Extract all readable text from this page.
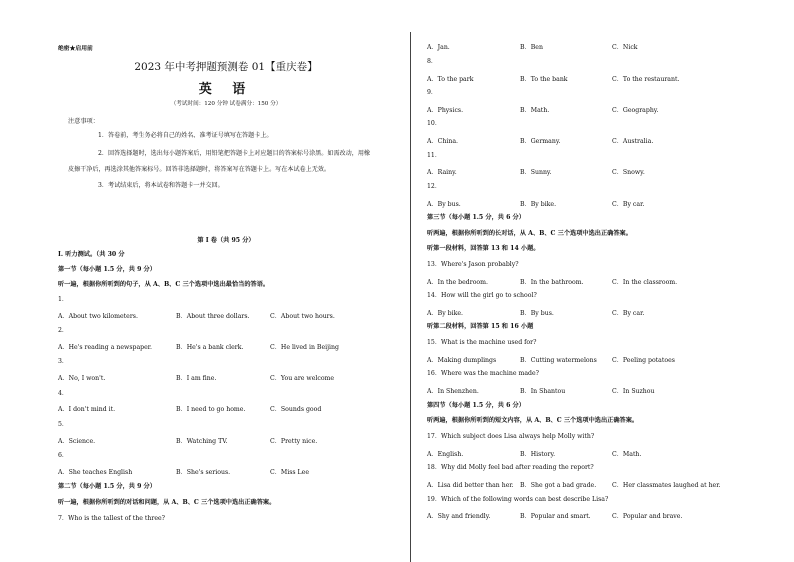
绝密★启用前
2023 年中考押题预测卷 01【重庆卷】
英 语
（考试时间：120 分钟 试卷满分：150 分）
注意事项：
1．答卷前，考生务必将自己的姓名、准考证号填写在答题卡上。
2．回答选择题时，选出每小题答案后，用铅笔把答题卡上对应题目的答案标号涂黑。如需改动，用橡
皮擦干净后，再选涂其他答案标号。回答非选择题时，将答案写在答题卡上。写在本试卷上无效。
3．考试结束后，将本试卷和答题卡一并交回。
第 I 卷（共 95 分）
I. 听力测试。（共 30 分
第一节（每小题 1.5 分，共 9 分）
听一遍，根据你所听到的句子，从 A、B、C 三个选项中选出最恰当的答语。
1．
A．About two kilometers.	B．About three dollars.	C．About two hours.
2．
A．He's reading a newspaper.	B．He's a bank clerk.	C．He lived in Beijing
3．
A．No, I won't.	B．I am fine.	C．You are welcome
4．
A．I don't mind it.	B．I need to go home.	C．Sounds good
5．
A．Science.	B．Watching TV.	C．Pretty nice.
6．
A．She teaches English	B．She's serious.	C．Miss Lee
第二节（每小题 1.5 分，共 9 分）
听一遍，根据你所听到的对话和问题，从 A、B、C 三个选项中选出正确答案。
7．Who is the tallest of the three?
A．Jan.	B．Ben	C．Nick
8．
A．To the park	B．To the bank	C．To the restaurant.
9．
A．Physics.	B．Math.	C．Geography.
10．
A．China.	B．Germany.	C．Australia.
11．
A．Rainy.	B．Sunny.	C．Snowy.
12．
A．By bus.	B．By bike.	C．By car.
第三节（每小题 1.5 分，共 6 分）
听两遍，根据你所听到的长对话，从 A、B、C 三个选项中选出正确答案。
听第一段材料，回答第 13 和 14 小题。
13．Where's Jason probably?
A．In the bedroom.	B．In the bathroom.	C．In the classroom.
14．How will the girl go to school?
A．By bike.	B．By bus.	C．By car.
听第二段材料，回答第 15 和 16 小题
15．What is the machine used for?
A．Making dumplings	B．Cutting watermelons C．Peeling potatoes
16．Where was the machine made?
A．In Shenzhen.	B．In Shantou	C．In Suzhou
第四节（每小题 1.5 分，共 6 分）
听两遍，根据你所听到的短文内容，从 A、B、C 三个选项中选出正确答案。
17．Which subject does Lisa always help Molly with?
A．English.	B．History.	C．Math.
18．Why did Molly feel bad after reading the report?
A．Lisa did better than her. B．She got a bad grade.	C．Her classmates laughed at her.
19．Which of the following words can best describe Lisa?
A．Shy and friendly.	B．Popular and smart.	C．Popular and brave.
